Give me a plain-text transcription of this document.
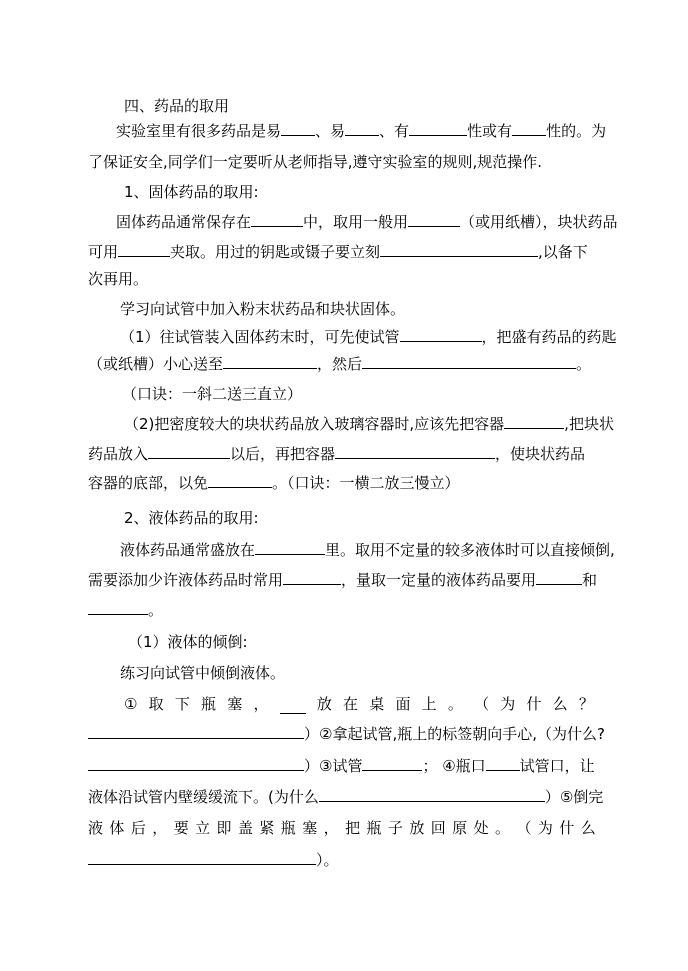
四、药品的取用
实验室里有很多药品是易 、易 、有	性或有 性的。为
了保证安全,同学们一定要听从老师指导,遵守实验室的规则,规范操作.
1、固体药品的取用:
固体药品通常保存在	中，取用一般用	（或用纸槽），块状药品
可用	夹取。用过的钥匙或镊子要立刻	,以备下
次再用。
学习向试管中加入粉末状药品和块状固体。
（1）往试管装入固体药末时，可先使试管	，把盛有药品的药匙
（或纸槽）小心送至	，然后	。
（口诀：一斜二送三直立）
（2)把密度较大的块状药品放入玻璃容器时,应该先把容器	,把块状
药品放入	以后，再把容器	，使块状药品
容器的底部，以免	。（口诀：一横二放三慢立）
2、液体药品的取用:
液体药品通常盛放在	里。取用不定量的较多液体时可以直接倾倒,
需要添加少许液体药品时常用	，量取一定量的液体药品要用	和
。
（1）液体的倾倒:
练习向试管中倾倒液体。
① 取 下 瓶 塞 ，	放 在 桌 面 上 。 （ 为 什 么 ？
）②拿起试管,瓶上的标签朝向手心,（为什么?
）③试管	； ④瓶口 试管口，让
液体沿试管内壁缓缓流下。(为什么	）⑤倒完
液 体 后 ， 要 立 即 盖 紧 瓶 塞 ， 把 瓶 子 放 回 原 处 。 （ 为 什 么
）。
